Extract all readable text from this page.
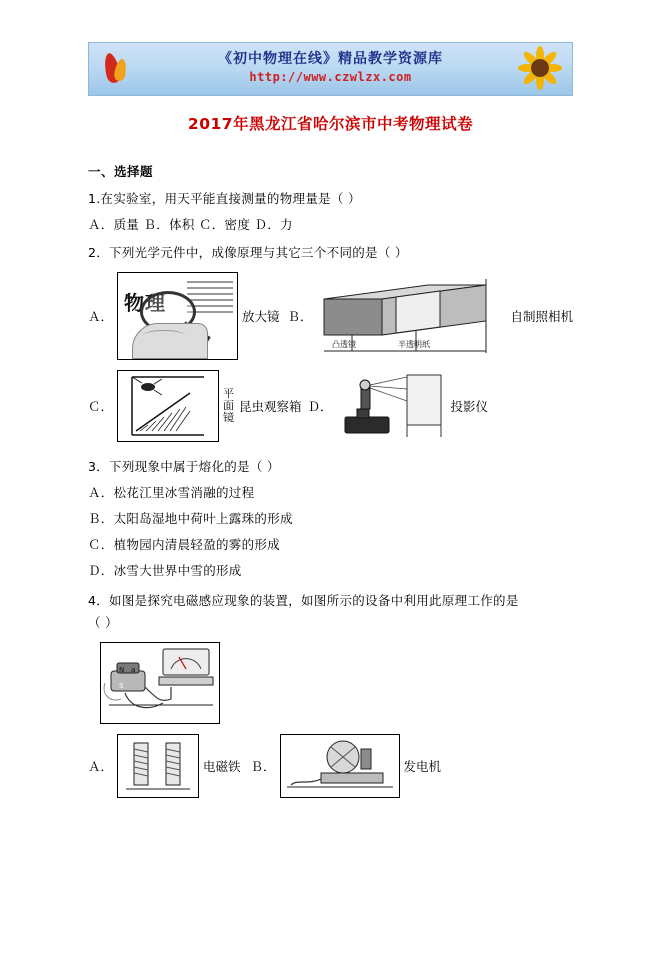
《初中物理在线》精品教学资源库
http://www.czwlzx.com
2017年黑龙江省哈尔滨市中考物理试卷
一、选择题
1.在实验室，用天平能直接测量的物理量是（ ）
Ａ．质量 Ｂ．体积 Ｃ．密度 Ｄ．力
2．下列光学元件中，成像原理与其它三个不同的是（ ）
Ａ．
物理
放大镜 Ｂ．
凸透镜	半透明纸
自制照相机
Ｃ．
平面镜
昆虫观察箱 Ｄ．	投影仪
3．下列现象中属于熔化的是（ ）
Ａ．松花江里冰雪消融的过程
Ｂ．太阳岛湿地中荷叶上露珠的形成
Ｃ．植物园内清晨轻盈的雾的形成
Ｄ．冰雪大世界中雪的形成
4．如图是探究电磁感应现象的装置，如图所示的设备中利用此原理工作的是
（ ）
N a
S
Ａ．	电磁铁 Ｂ．	发电机
